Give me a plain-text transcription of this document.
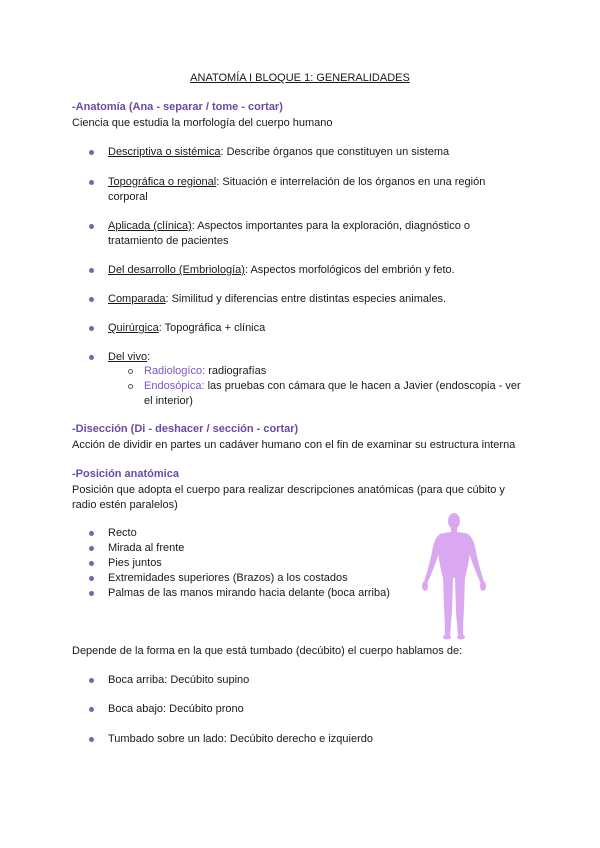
ANATOMÍA I BLOQUE 1: GENERALIDADES
-Anatomía (Ana - separar / tome - cortar)
Ciencia que estudia la morfología del cuerpo humano
Descriptiva o sistémica: Describe órganos que constituyen un sistema
Topográfica o regional: Situación e interrelación de los órganos en una región
corporal
Aplicada (clínica): Aspectos importantes para la exploración, diagnóstico o
tratamiento de pacientes
Del desarrollo (Embriología): Aspectos morfológicos del embrión y feto.
Comparada: Similitud y diferencias entre distintas especies animales.
Quirúrgica: Topográfica + clínica
Del vivo:
Radiologíco: radiografías
Endosópica: las pruebas con cámara que le hacen a Javier (endoscopia - ver
el interior)
-Disección (Di - deshacer / sección - cortar)
Acción de dividir en partes un cadáver humano con el fin de examinar su estructura interna
-Posición anatómica
Posición que adopta el cuerpo para realizar descripciones anatómicas (para que cúbito y
radio estén paralelos)
Recto
Mirada al frente
Pies juntos
Extremidades superiores (Brazos) a los costados
Palmas de las manos mirando hacia delante (boca arriba)
Depende de la forma en la que está tumbado (decúbito) el cuerpo hablamos de:
Boca arriba: Decúbito supino
Boca abajo: Decúbito prono
Tumbado sobre un lado: Decúbito derecho e izquierdo
